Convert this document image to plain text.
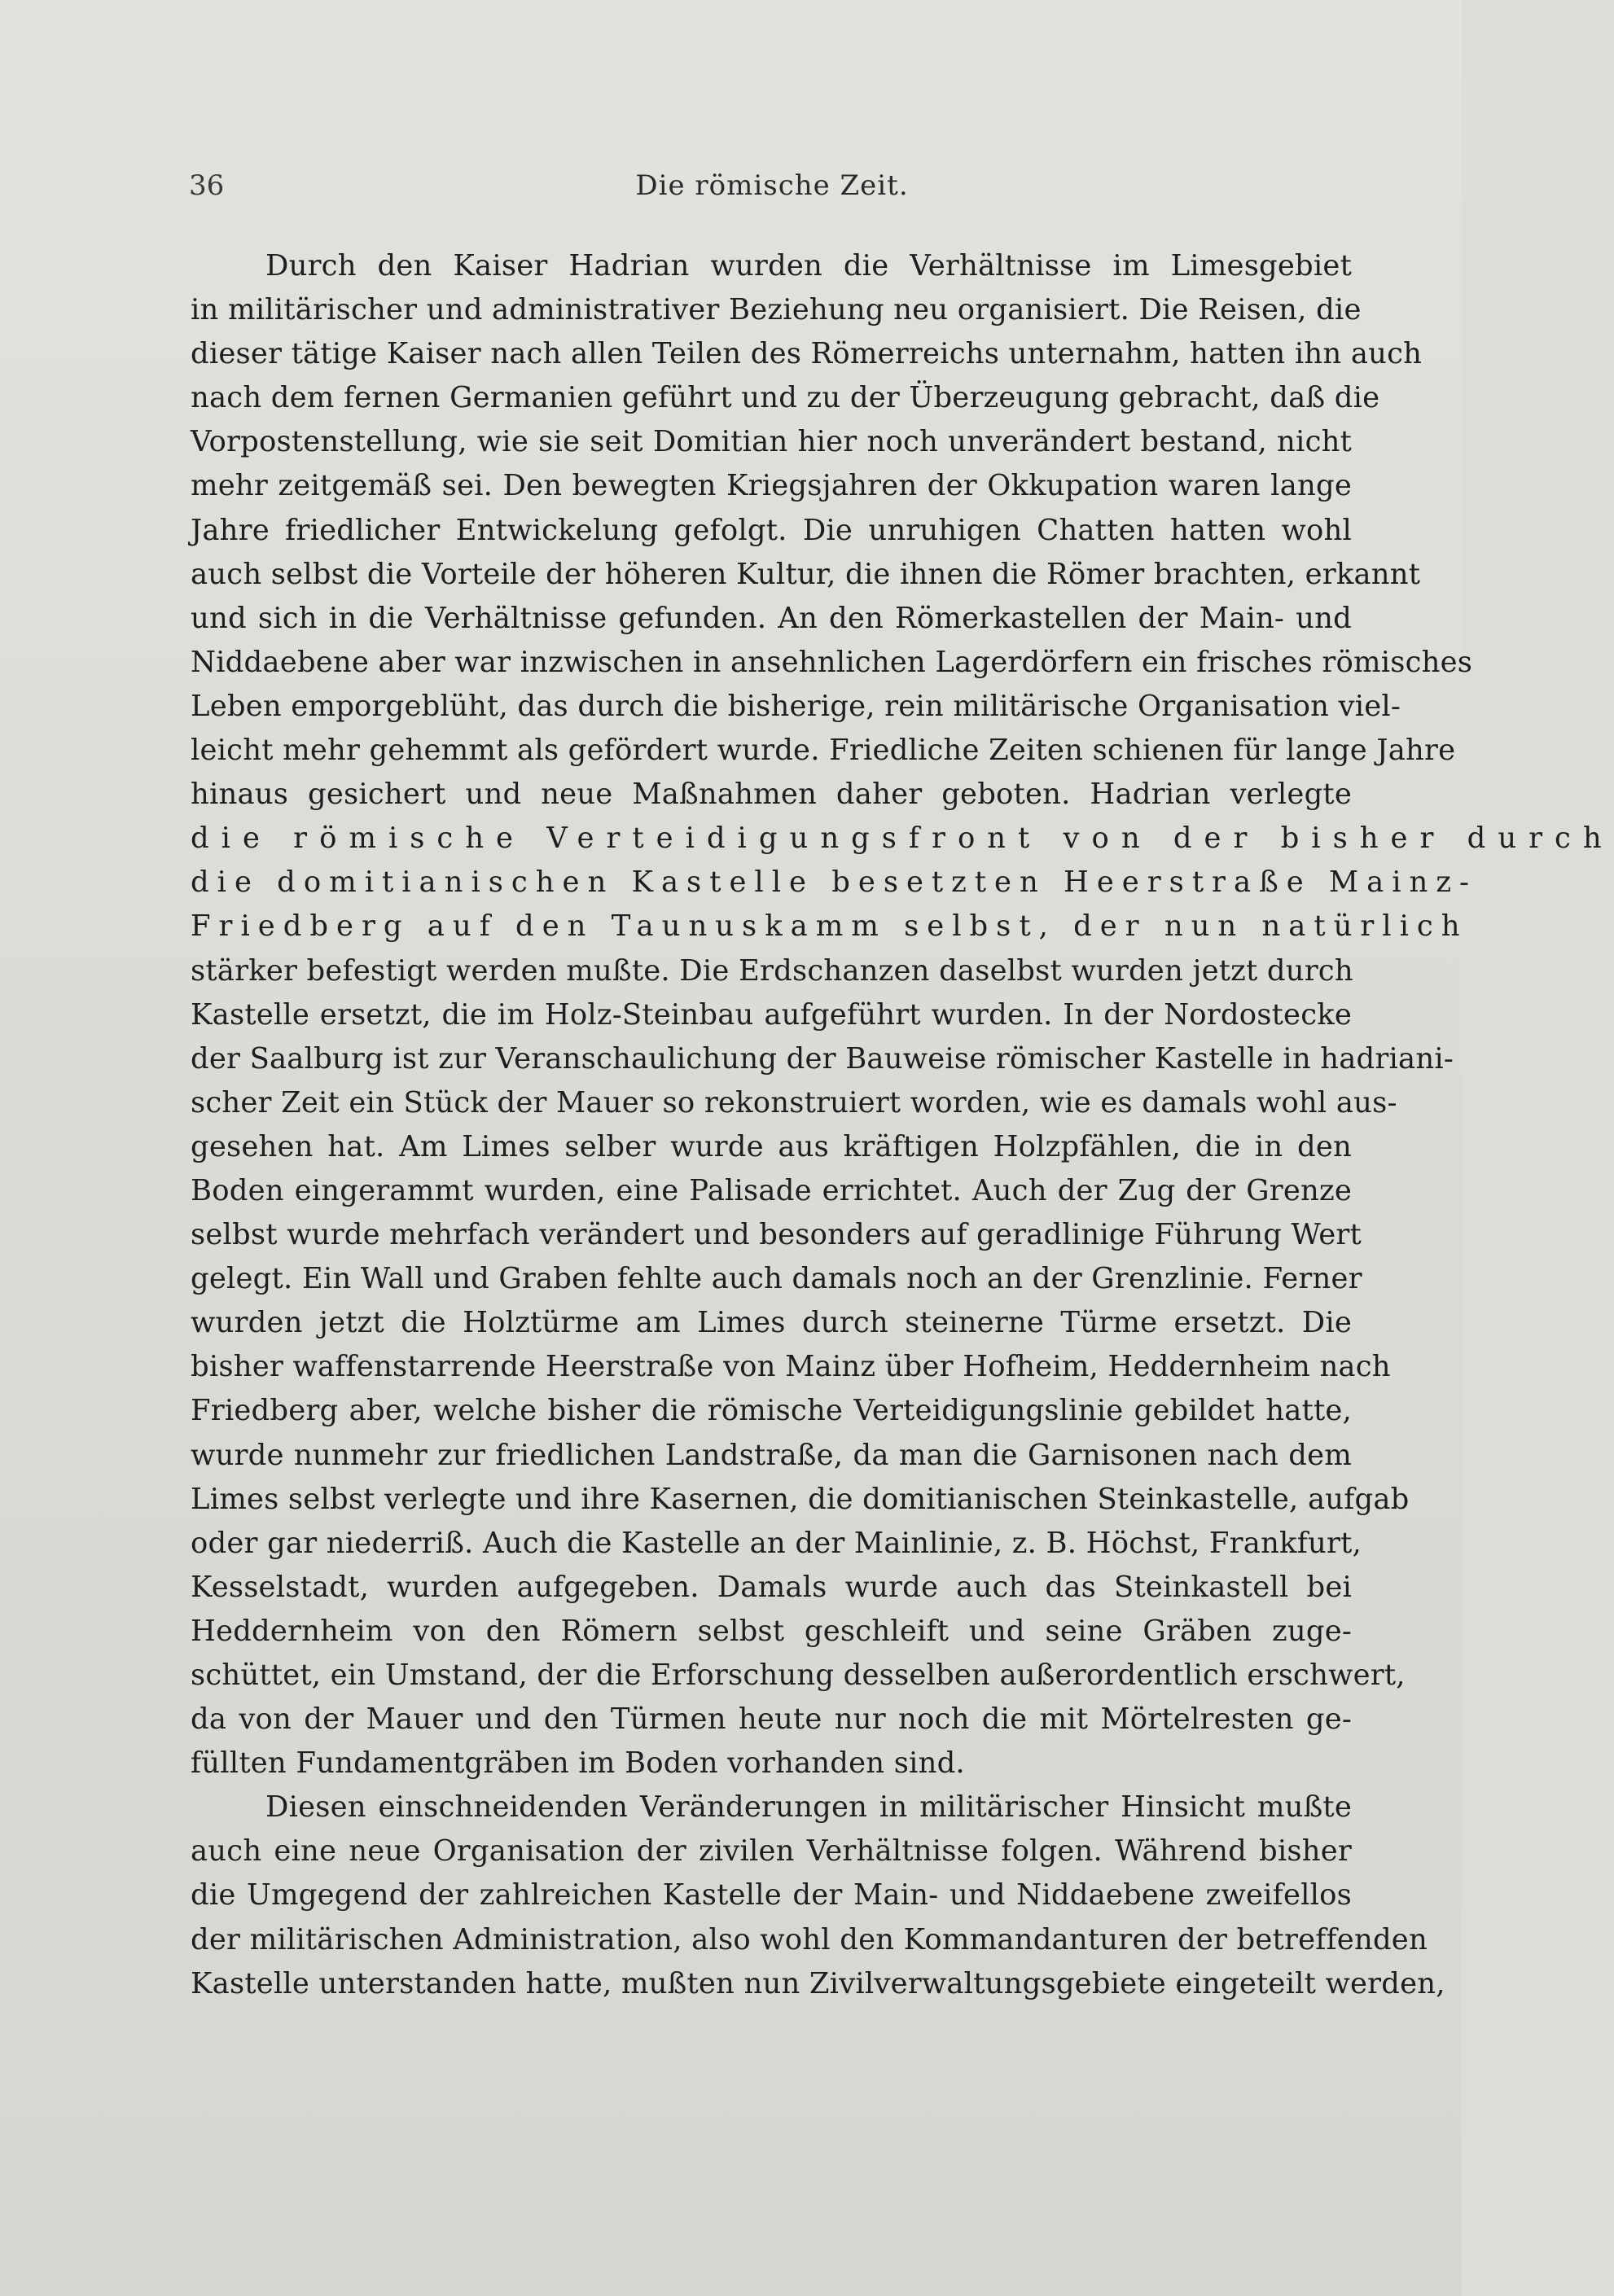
36	Die römische Zeit.
Durch den Kaiser Hadrian wurden die Verhältnisse im Limesgebiet
in militärischer und administrativer Beziehung neu organisiert. Die Reisen, die
dieser tätige Kaiser nach allen Teilen des Römerreichs unternahm, hatten ihn auch
nach dem fernen Germanien geführt und zu der Überzeugung gebracht, daß die
Vorpostenstellung, wie sie seit Domitian hier noch unverändert bestand, nicht
mehr zeitgemäß sei. Den bewegten Kriegsjahren der Okkupation waren lange
Jahre friedlicher Entwickelung gefolgt. Die unruhigen Chatten hatten wohl
auch selbst die Vorteile der höheren Kultur, die ihnen die Römer brachten, erkannt
und sich in die Verhältnisse gefunden. An den Römerkastellen der Main- und
Niddaebene aber war inzwischen in ansehnlichen Lagerdörfern ein frisches römisches
Leben emporgeblüht, das durch die bisherige, rein militärische Organisation viel-
leicht mehr gehemmt als gefördert wurde. Friedliche Zeiten schienen für lange Jahre
hinaus gesichert und neue Maßnahmen daher geboten. Hadrian verlegte
die römische Verteidigungsfront von der bisher durch
die domitianischen Kastelle besetzten Heerstraße Mainz-
Friedberg auf den Taunuskamm selbst, der nun natürlich
stärker befestigt werden mußte. Die Erdschanzen daselbst wurden jetzt durch
Kastelle ersetzt, die im Holz-Steinbau aufgeführt wurden. In der Nordostecke
der Saalburg ist zur Veranschaulichung der Bauweise römischer Kastelle in hadriani-
scher Zeit ein Stück der Mauer so rekonstruiert worden, wie es damals wohl aus-
gesehen hat. Am Limes selber wurde aus kräftigen Holzpfählen, die in den
Boden eingerammt wurden, eine Palisade errichtet. Auch der Zug der Grenze
selbst wurde mehrfach verändert und besonders auf geradlinige Führung Wert
gelegt. Ein Wall und Graben fehlte auch damals noch an der Grenzlinie. Ferner
wurden jetzt die Holztürme am Limes durch steinerne Türme ersetzt. Die
bisher waffenstarrende Heerstraße von Mainz über Hofheim, Heddernheim nach
Friedberg aber, welche bisher die römische Verteidigungslinie gebildet hatte,
wurde nunmehr zur friedlichen Landstraße, da man die Garnisonen nach dem
Limes selbst verlegte und ihre Kasernen, die domitianischen Steinkastelle, aufgab
oder gar niederriß. Auch die Kastelle an der Mainlinie, z. B. Höchst, Frankfurt,
Kesselstadt, wurden aufgegeben. Damals wurde auch das Steinkastell bei
Heddernheim von den Römern selbst geschleift und seine Gräben zuge-
schüttet, ein Umstand, der die Erforschung desselben außerordentlich erschwert,
da von der Mauer und den Türmen heute nur noch die mit Mörtelresten ge-
füllten Fundamentgräben im Boden vorhanden sind.
Diesen einschneidenden Veränderungen in militärischer Hinsicht mußte
auch eine neue Organisation der zivilen Verhältnisse folgen. Während bisher
die Umgegend der zahlreichen Kastelle der Main- und Niddaebene zweifellos
der militärischen Administration, also wohl den Kommandanturen der betreffenden
Kastelle unterstanden hatte, mußten nun Zivilverwaltungsgebiete eingeteilt werden,
